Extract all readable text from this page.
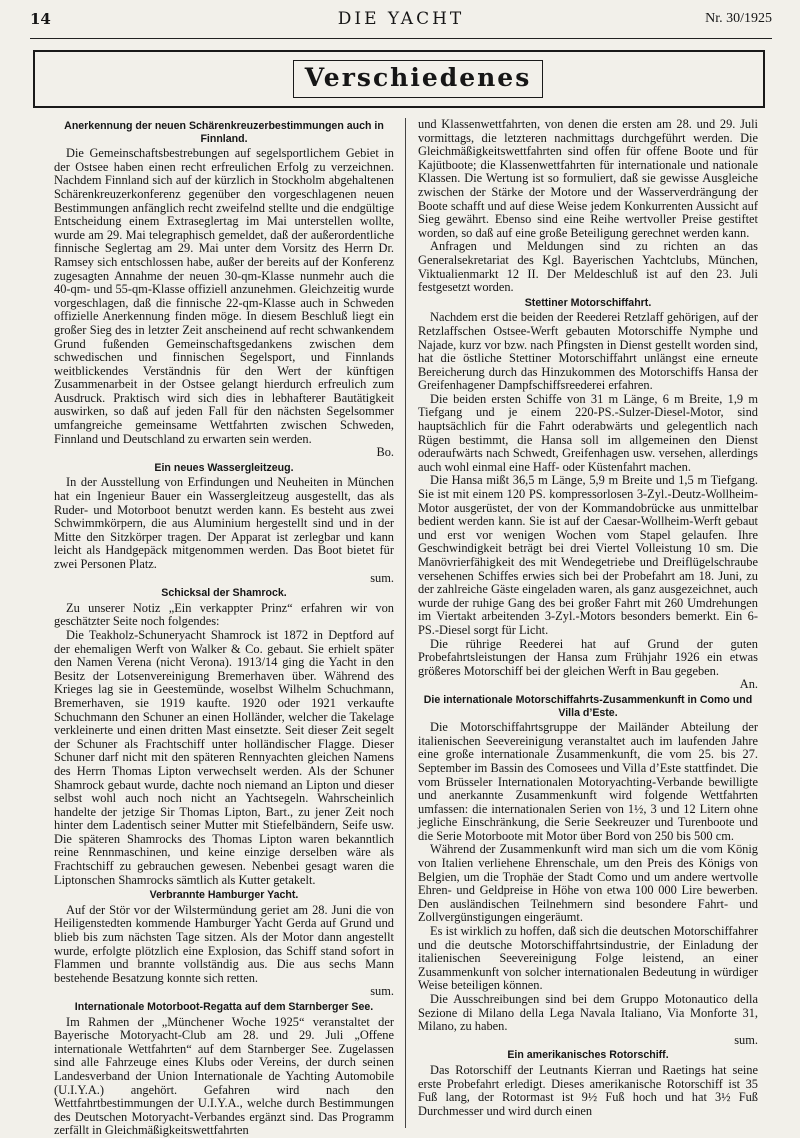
14	DIE YACHT	Nr. 30/1925
Verschiedenes
Anerkennung der neuen Schärenkreuzerbestimmungen auch in Finnland.

Die Gemeinschaftsbestrebungen auf segelsportlichem Gebiet in der Ostsee haben einen recht erfreulichen Erfolg zu verzeichnen. Nachdem Finnland sich auf der kürzlich in Stockholm abgehaltenen Schärenkreuzerkonferenz gegenüber den vorgeschlagenen neuen Bestimmungen anfänglich recht zweifelnd stellte und die endgültige Entscheidung einem Extraseglertag im Mai unterstellen wollte, wurde am 29. Mai telegraphisch gemeldet, daß der außerordentliche finnische Seglertag am 29. Mai unter dem Vorsitz des Herrn Dr. Ramsey sich entschlossen habe, außer der bereits auf der Konferenz zugesagten Annahme der neuen 30-qm-Klasse nunmehr auch die 40-qm- und 55-qm-Klasse offiziell anzunehmen. Gleichzeitig wurde vorgeschlagen, daß die finnische 22-qm-Klasse auch in Schweden offizielle Anerkennung finden möge. In diesem Beschluß liegt ein großer Sieg des in letzter Zeit anscheinend auf recht schwankendem Grund fußenden Gemeinschaftsgedankens zwischen dem schwedischen und finnischen Segelsport, und Finnlands weitblickendes Verständnis für den Wert der künftigen Zusammenarbeit in der Ostsee gelangt hierdurch erfreulich zum Ausdruck. Praktisch wird sich dies in lebhafterer Bautätigkeit auswirken, so daß auf jeden Fall für den nächsten Segelsommer umfangreiche gemeinsame Wettfahrten zwischen Schweden, Finnland und Deutschland zu erwarten sein werden.

Bo.
Ein neues Wassergleitzeug.

In der Ausstellung von Erfindungen und Neuheiten in München hat ein Ingenieur Bauer ein Wassergleitzeug ausgestellt, das als Ruder- und Motorboot benutzt werden kann. Es besteht aus zwei Schwimmkörpern, die aus Aluminium hergestellt sind und in der Mitte den Sitzkörper tragen. Der Apparat ist zerlegbar und kann leicht als Handgepäck mitgenommen werden. Das Boot bietet für zwei Personen Platz.

sum.
Schicksal der Shamrock.

Zu unserer Notiz „Ein verkappter Prinz“ erfahren wir von geschätzter Seite noch folgendes:

Die Teakholz-Schuneryacht Shamrock ist 1872 in Deptford auf der ehemaligen Werft von Walker & Co. gebaut. Sie erhielt später den Namen Verena (nicht Verona). 1913/14 ging die Yacht in den Besitz der Lotsenvereinigung Bremerhaven über. Während des Krieges lag sie in Geestemünde, woselbst Wilhelm Schuchmann, Bremerhaven, sie 1919 kaufte. 1920 oder 1921 verkaufte Schuchmann den Schuner an einen Holländer, welcher die Takelage verkleinerte und einen dritten Mast einsetzte. Seit dieser Zeit segelt der Schuner als Frachtschiff unter holländischer Flagge. Dieser Schuner darf nicht mit den späteren Rennyachten gleichen Namens des Herrn Thomas Lipton verwechselt werden. Als der Schuner Shamrock gebaut wurde, dachte noch niemand an Lipton und dieser selbst wohl auch noch nicht an Yachtsegeln. Wahrscheinlich handelte der jetzige Sir Thomas Lipton, Bart., zu jener Zeit noch hinter dem Ladentisch seiner Mutter mit Stiefelbändern, Seife usw. Die späteren Shamrocks des Thomas Lipton waren bekanntlich reine Rennmaschinen, und keine einzige derselben wäre als Frachtschiff zu gebrauchen gewesen. Nebenbei gesagt waren die Liptonschen Shamrocks sämtlich als Kutter getakelt.

Verbrannte Hamburger Yacht.

Auf der Stör vor der Wilstermündung geriet am 28. Juni die von Heiligenstedten kommende Hamburger Yacht Gerda auf Grund und blieb bis zum nächsten Tage sitzen. Als der Motor dann angestellt wurde, erfolgte plötzlich eine Explosion, das Schiff stand sofort in Flammen und brannte vollständig aus. Die aus sechs Mann bestehende Besatzung konnte sich retten.

sum.
Internationale Motorboot-Regatta auf dem Starnberger See.

Im Rahmen der „Münchener Woche 1925“ veranstaltet der Bayerische Motoryacht-Club am 28. und 29. Juli „Offene internationale Wettfahrten“ auf dem Starnberger See. Zugelassen sind alle Fahrzeuge eines Klubs oder Vereins, der durch seinen Landesverband der Union Internationale de Yachting Automobile (U.I.Y.A.) angehört. Gefahren wird nach den Wettfahrtbestimmungen der U.I.Y.A., welche durch Bestimmungen des Deutschen Motoryacht-Verbandes ergänzt sind. Das Programm zerfällt in Gleichmäßigkeitswettfahrten

und Klassenwettfahrten, von denen die ersten am 28. und 29. Juli vormittags, die letzteren nachmittags durchgeführt werden. Die Gleichmäßigkeitswettfahrten sind offen für offene Boote und für Kajütboote; die Klassenwettfahrten für internationale und nationale Klassen. Die Wertung ist so formuliert, daß sie gewisse Ausgleiche zwischen der Stärke der Motore und der Wasserverdrängung der Boote schafft und auf diese Weise jedem Konkurrenten Aussicht auf Sieg gewährt. Ebenso sind eine Reihe wertvoller Preise gestiftet worden, so daß auf eine große Beteiligung gerechnet werden kann.

Anfragen und Meldungen sind zu richten an das Generalsekretariat des Kgl. Bayerischen Yachtclubs, München, Viktualienmarkt 12 II. Der Meldeschluß ist auf den 23. Juli festgesetzt worden.

Stettiner Motorschiffahrt.

Nachdem erst die beiden der Reederei Retzlaff gehörigen, auf der Retzlaffschen Ostsee-Werft gebauten Motorschiffe Nymphe und Najade, kurz vor bzw. nach Pfingsten in Dienst gestellt worden sind, hat die östliche Stettiner Motorschiffahrt unlängst eine erneute Bereicherung durch das Hinzukommen des Motorschiffs Hansa der Greifenhagener Dampfschiffsreederei erfahren.

Die beiden ersten Schiffe von 31 m Länge, 6 m Breite, 1,9 m Tiefgang und je einem 220-PS.-Sulzer-Diesel-Motor, sind hauptsächlich für die Fahrt oderabwärts und gelegentlich nach Rügen bestimmt, die Hansa soll im allgemeinen den Dienst oderaufwärts nach Schwedt, Greifenhagen usw. versehen, allerdings auch wohl einmal eine Haff- oder Küstenfahrt machen.

Die Hansa mißt 36,5 m Länge, 5,9 m Breite und 1,5 m Tiefgang. Sie ist mit einem 120 PS. kompressorlosen 3-Zyl.-Deutz-Wollheim-Motor ausgerüstet, der von der Kommandobrücke aus unmittelbar bedient werden kann. Sie ist auf der Caesar-Wollheim-Werft gebaut und erst vor wenigen Wochen vom Stapel gelaufen. Ihre Geschwindigkeit beträgt bei drei Viertel Volleistung 10 sm. Die Manövrierfähigkeit des mit Wendegetriebe und Dreiflügelschraube versehenen Schiffes erwies sich bei der Probefahrt am 18. Juni, zu der zahlreiche Gäste eingeladen waren, als ganz ausgezeichnet, auch wurde der ruhige Gang des bei großer Fahrt mit 260 Umdrehungen im Viertakt arbeitenden 3-Zyl.-Motors besonders bemerkt. Ein 6-PS.-Diesel sorgt für Licht.

Die rührige Reederei hat auf Grund der guten Probefahrtsleistungen der Hansa zum Frühjahr 1926 ein etwas größeres Motorschiff bei der gleichen Werft in Bau gegeben.

An.
Die internationale Motorschiffahrts-Zusammenkunft in Como und Villa d’Este.

Die Motorschiffahrtsgruppe der Mailänder Abteilung der italienischen Seevereinigung veranstaltet auch im laufenden Jahre eine große internationale Zusammenkunft, die vom 25. bis 27. September im Bassin des Comosees und Villa d’Este stattfindet. Die vom Brüsseler Internationalen Motoryachting-Verbande bewilligte und anerkannte Zusammenkunft wird folgende Wettfahrten umfassen: die internationalen Serien von 1½, 3 und 12 Litern ohne jegliche Einschränkung, die Serie Seekreuzer und Turenboote und die Serie Motorboote mit Motor über Bord von 250 bis 500 cm.

Während der Zusammenkunft wird man sich um die vom König von Italien verliehene Ehrenschale, um den Preis des Königs von Belgien, um die Trophäe der Stadt Como und um andere wertvolle Ehren- und Geldpreise in Höhe von etwa 100 000 Lire bewerben. Den ausländischen Teilnehmern sind besondere Fahrt- und Zollvergünstigungen eingeräumt.

Es ist wirklich zu hoffen, daß sich die deutschen Motorschiffahrer und die deutsche Motorschiffahrtsindustrie, der Einladung der italienischen Seevereinigung Folge leistend, an einer Zusammenkunft von solcher internationalen Bedeutung in würdiger Weise beteiligen können.

Die Ausschreibungen sind bei dem Gruppo Motonautico della Sezione di Milano della Lega Navala Italiano, Via Monforte 31, Milano, zu haben.

sum.
Ein amerikanisches Rotorschiff.

Das Rotorschiff der Leutnants Kierran und Raetings hat seine erste Probefahrt erledigt. Dieses amerikanische Rotorschiff ist 35 Fuß lang, der Rotormast ist 9½ Fuß hoch und hat 3½ Fuß Durchmesser und wird durch einen
